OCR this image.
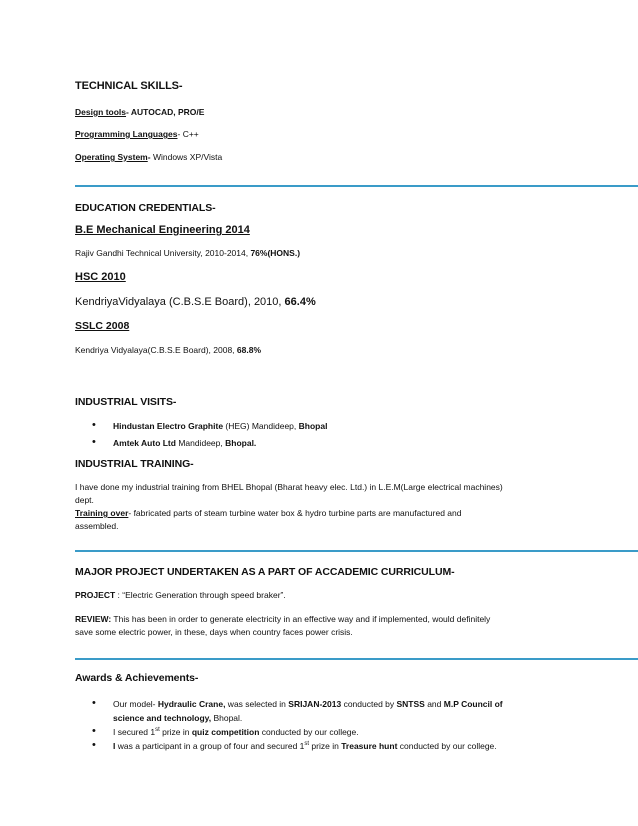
TECHNICAL SKILLS-
Design tools- AUTOCAD, PRO/E
Programming Languages- C++
Operating System- Windows XP/Vista
EDUCATION CREDENTIALS-
B.E Mechanical Engineering 2014
Rajiv Gandhi Technical University, 2010-2014, 76%(HONS.)
HSC 2010
KendriyaVidyalaya (C.B.S.E Board), 2010, 66.4%
SSLC 2008
Kendriya Vidyalaya(C.B.S.E Board), 2008, 68.8%
INDUSTRIAL VISITS-
• Hindustan Electro Graphite (HEG) Mandideep, Bhopal
• Amtek Auto Ltd Mandideep, Bhopal.
INDUSTRIAL TRAINING-
I have done my industrial training from BHEL Bhopal (Bharat heavy elec. Ltd.) in L.E.M(Large electrical machines)
dept.
Training over- fabricated parts of steam turbine water box & hydro turbine parts are manufactured and
assembled.
MAJOR PROJECT UNDERTAKEN AS A PART OF ACCADEMIC CURRICULUM-
PROJECT : “Electric Generation through speed braker”.
REVIEW: This has been in order to generate electricity in an effective way and if implemented, would definitely
save some electric power, in these, days when country faces power crisis.
Awards & Achievements-
• Our model- Hydraulic Crane, was selected in SRIJAN-2013 conducted by SNTSS and M.P Council of
science and technology, Bhopal.
• I secured 1st prize in quiz competition conducted by our college.
• I was a participant in a group of four and secured 1st prize in Treasure hunt conducted by our college.
